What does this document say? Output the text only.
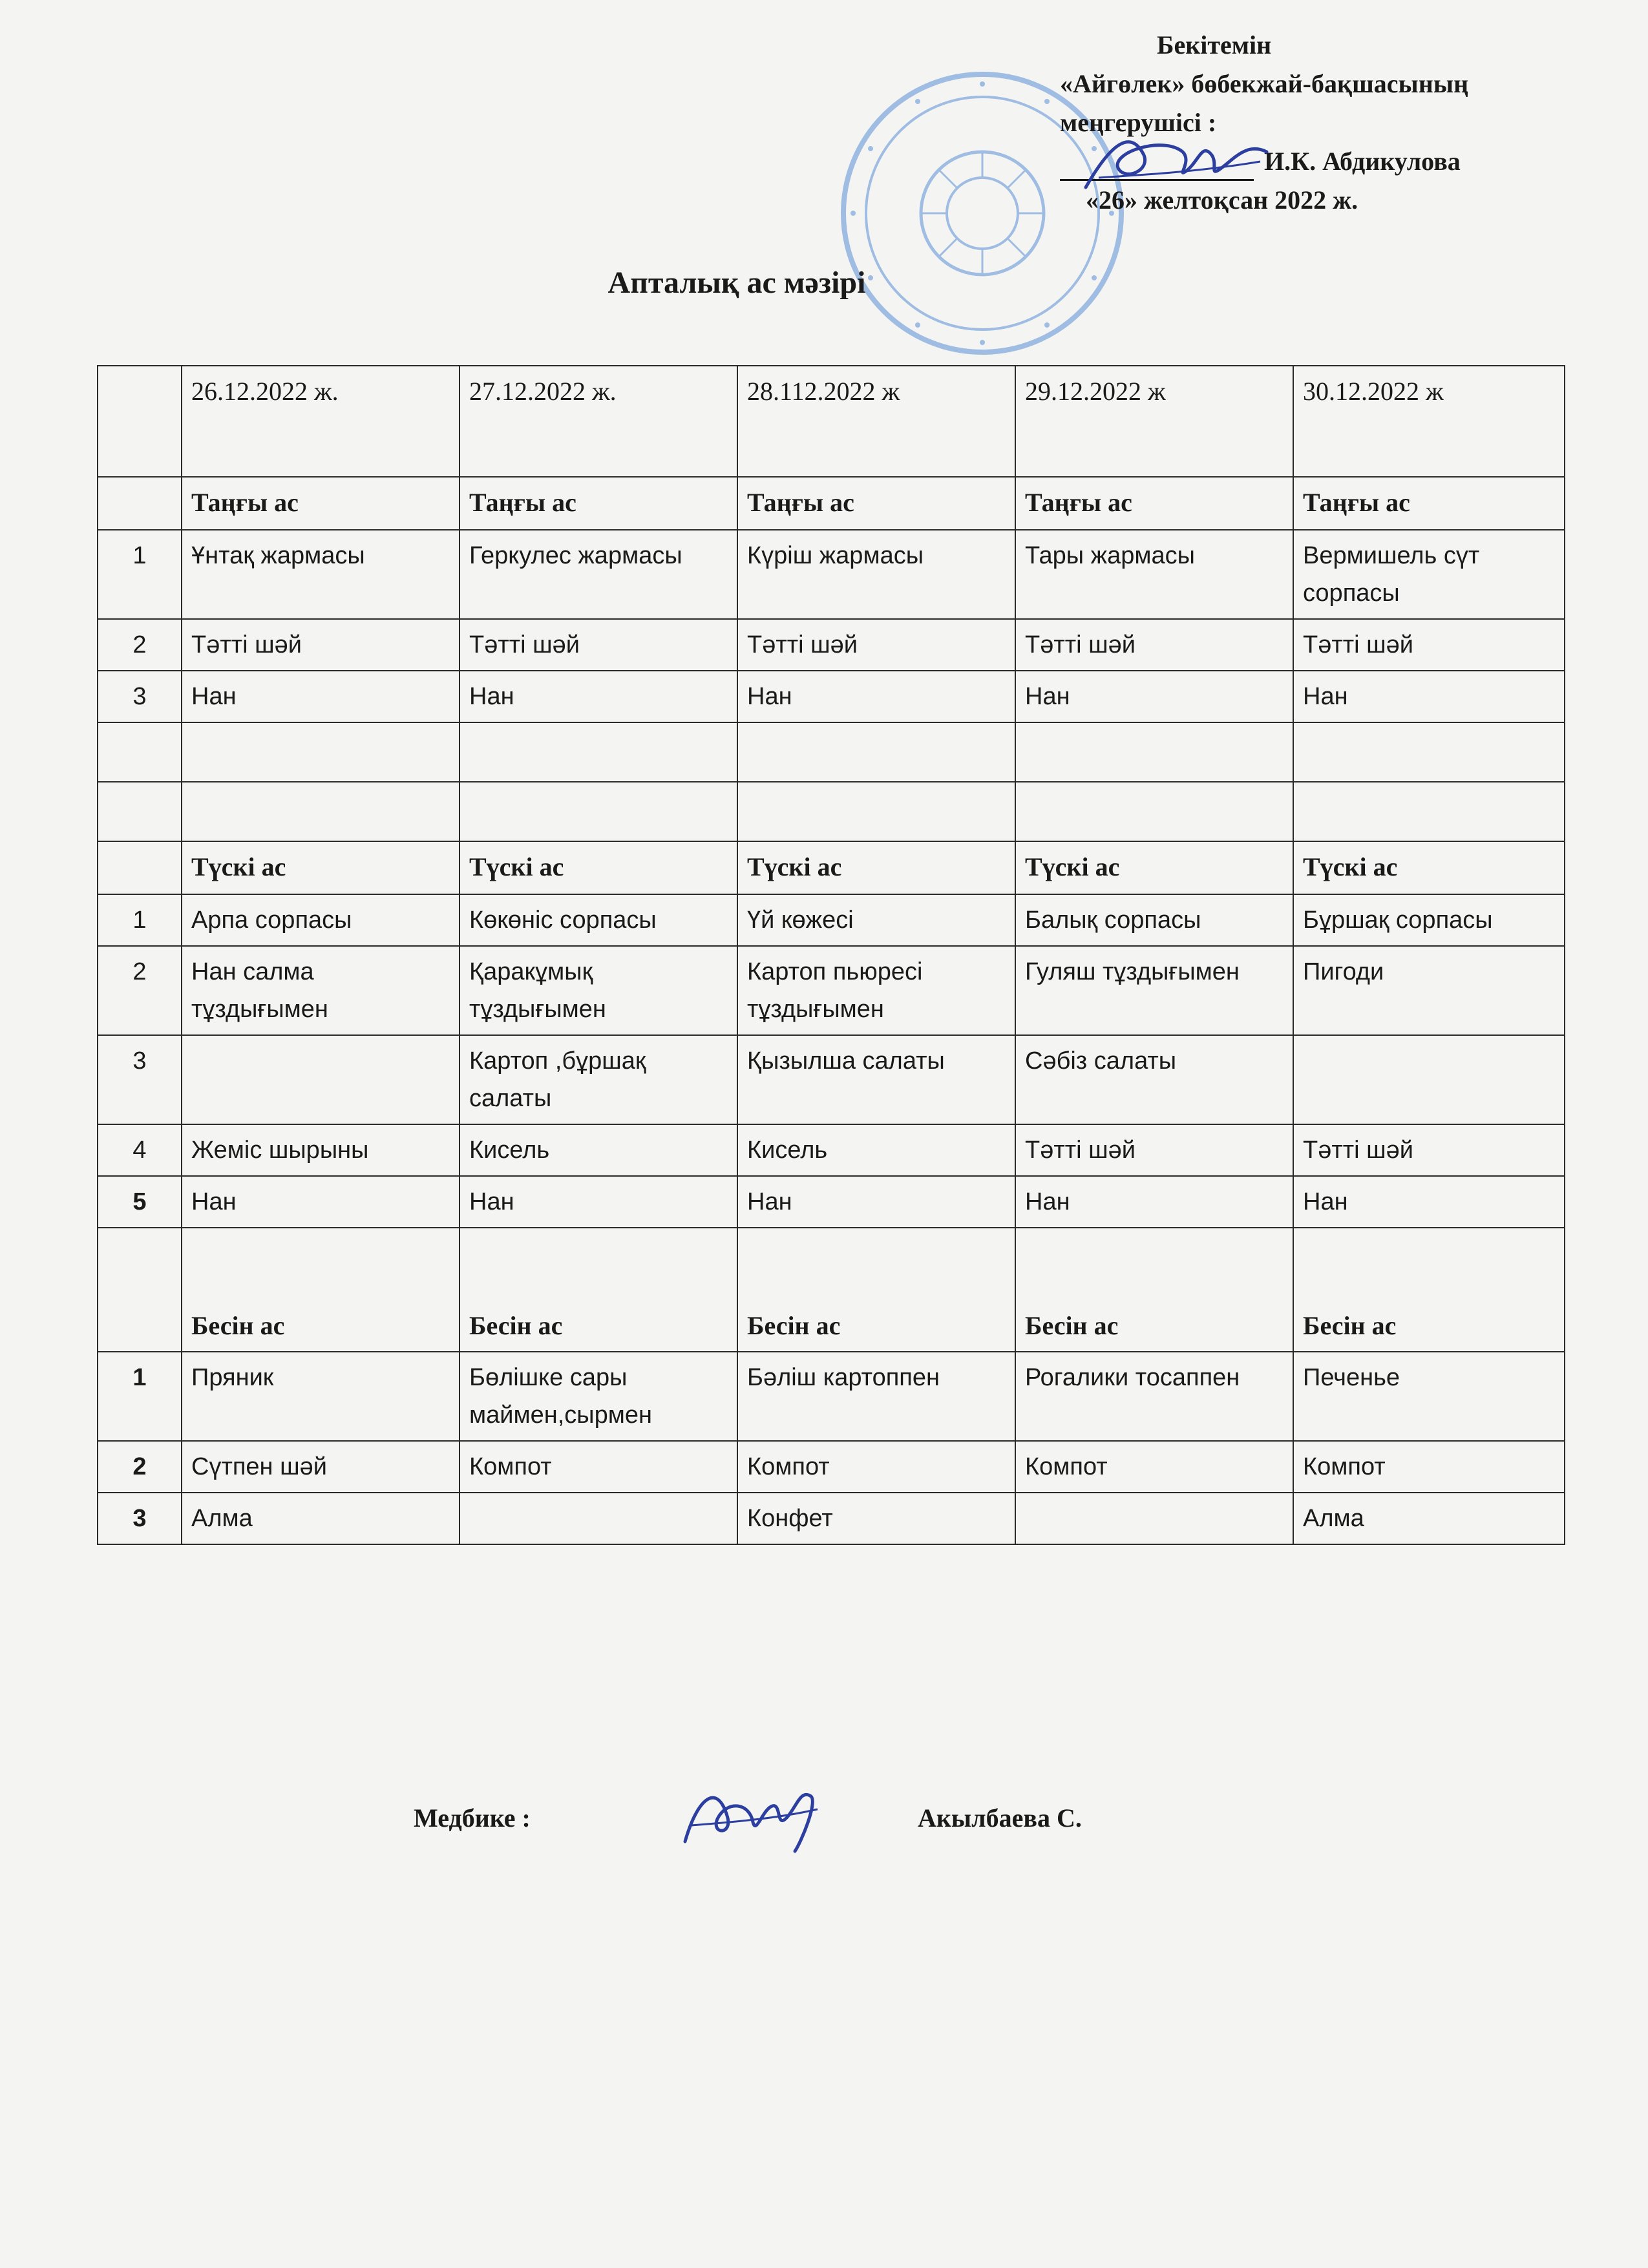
Бекітемін
«Айгөлек» бөбекжай-бақшасының
меңгерушісі :
И.К. Абдикулова
«26» желтоқсан 2022 ж.
Апталық ас мәзірі
	26.12.2022 ж.	27.12.2022 ж.	28.112.2022 ж	29.12.2022 ж	30.12.2022 ж
	Таңғы ас	Таңғы ас	Таңғы ас	Таңғы ас	Таңғы ас
1	Ұнтақ жармасы	Геркулес жармасы	Күріш жармасы	Тары жармасы	Вермишель сүт сорпасы
2	Тәтті шәй	Тәтті шәй	Тәтті шәй	Тәтті шәй	Тәтті шәй
3	Нан	Нан	Нан	Нан	Нан

	Түскі ас	Түскі ас	Түскі ас	Түскі ас	Түскі ас
1	Арпа сорпасы	Көкөніс сорпасы	Үй көжесі	Балық сорпасы	Бұршақ сорпасы
2	Нан салма тұздығымен	Қаракұмық тұздығымен	Картоп пьюресі тұздығымен	Гуляш тұздығымен	Пигоди
3		Картоп ,бұршақ салаты	Қызылша салаты	Сәбіз салаты	
4	Жеміс шырыны	Кисель	Кисель	Тәтті шәй	Тәтті шәй
5	Нан	Нан	Нан	Нан	Нан
	Бесін ас	Бесін ас	Бесін ас	Бесін ас	Бесін ас
1	Пряник	Бөлішке сары маймен,сырмен	Бәліш картоппен	Рогалики тосаппен	Печенье
2	Сүтпен шәй	Компот	Компот	Компот	Компот
3	Алма		Конфет		Алма
Медбике :	Акылбаева С.
